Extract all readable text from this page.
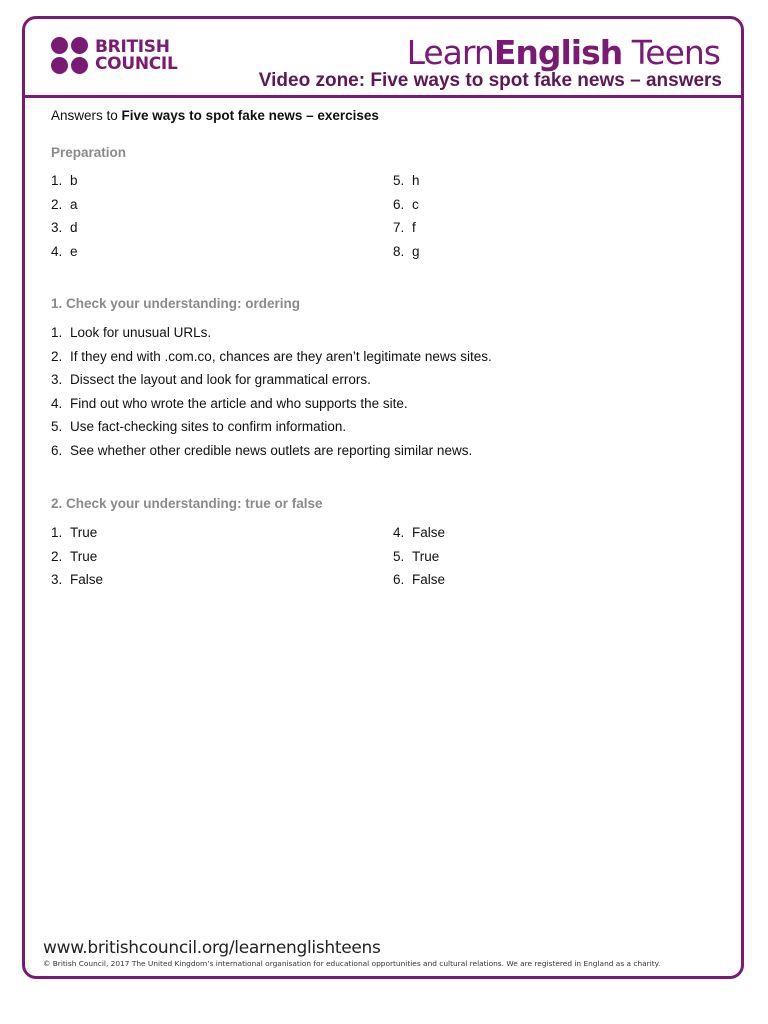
BRITISH
COUNCIL	LearnEnglish Teens
Video zone: Five ways to spot fake news – answers
Answers to Five ways to spot fake news – exercises
Preparation
1. b
2. a
3. d
4. e
5. h
6. c
7. f
8. g
1. Check your understanding: ordering
1. Look for unusual URLs.
2. If they end with .com.co, chances are they aren’t legitimate news sites.
3. Dissect the layout and look for grammatical errors.
4. Find out who wrote the article and who supports the site.
5. Use fact-checking sites to confirm information.
6. See whether other credible news outlets are reporting similar news.
2. Check your understanding: true or false
1. True
2. True
3. False
4. False
5. True
6. False
www.britishcouncil.org/learnenglishteens
© British Council, 2017 The United Kingdom’s international organisation for educational opportunities and cultural relations. We are registered in England as a charity.
